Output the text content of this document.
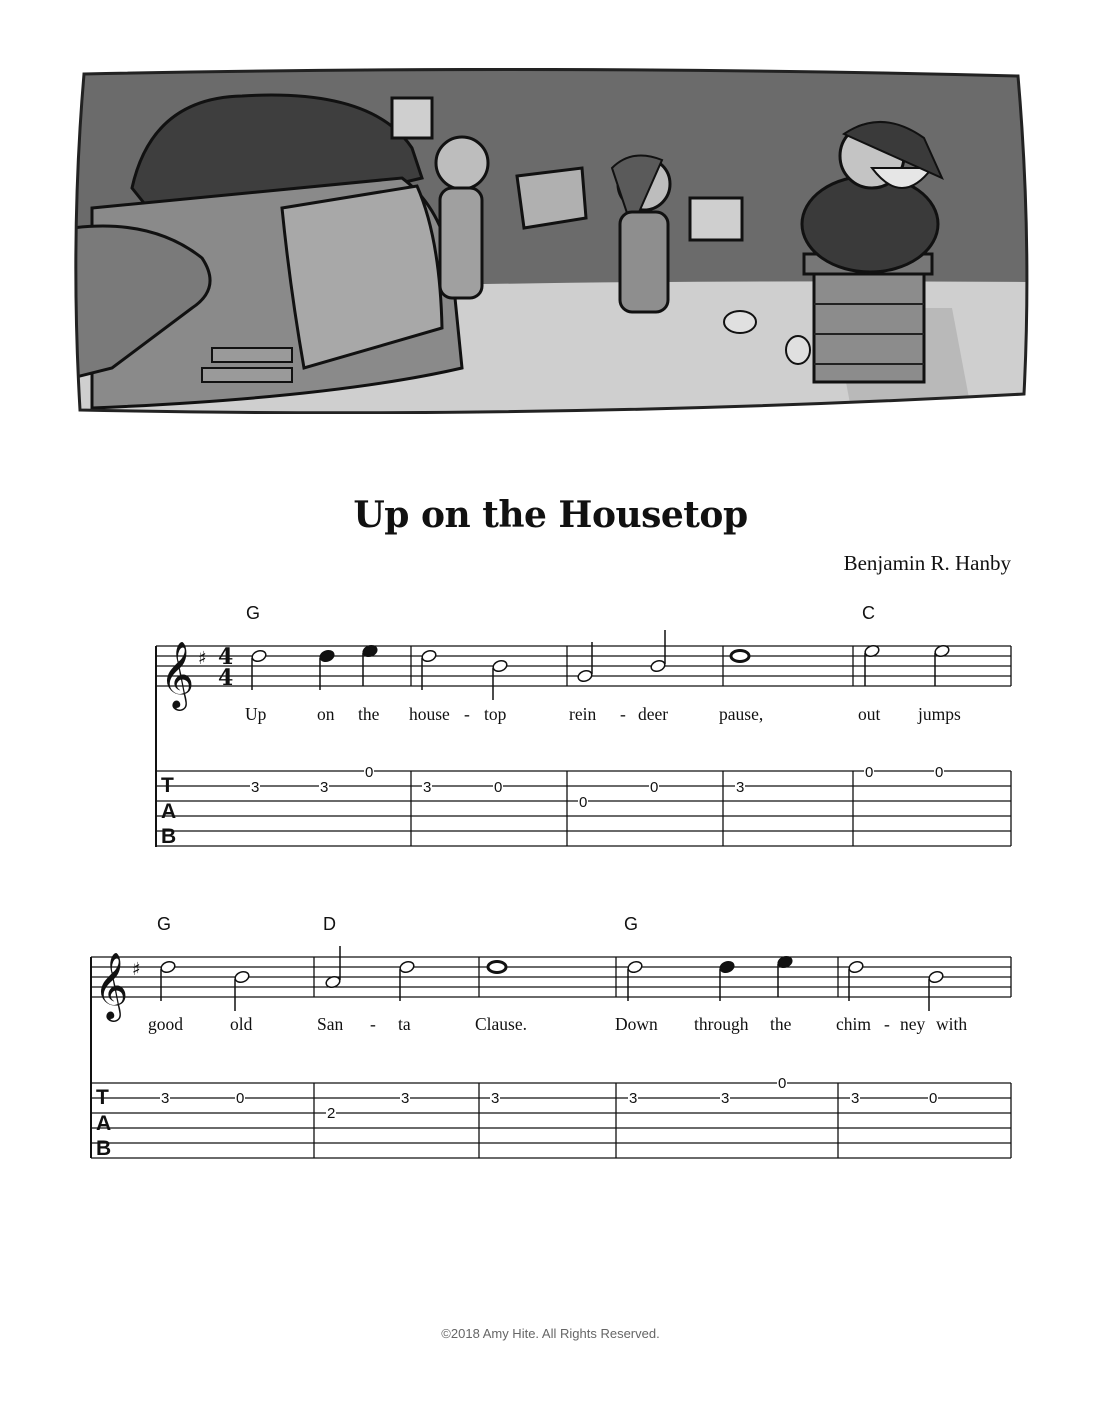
Up on the Housetop
Benjamin R. Hanby
𝄞 ♯ 4
4
𝄞 ♯
T
A
B
T
A
B
G	C
G	D	G
Up	on the house - top	rein - deer	pause,	out jumps
good	old	San - ta	Clause.	Down through the	chim - ney with
3	3
0
3	0
0
0	3
0	0
3	0
2
3	3	3	3
0
3	0
©2018 Amy Hite. All Rights Reserved.
